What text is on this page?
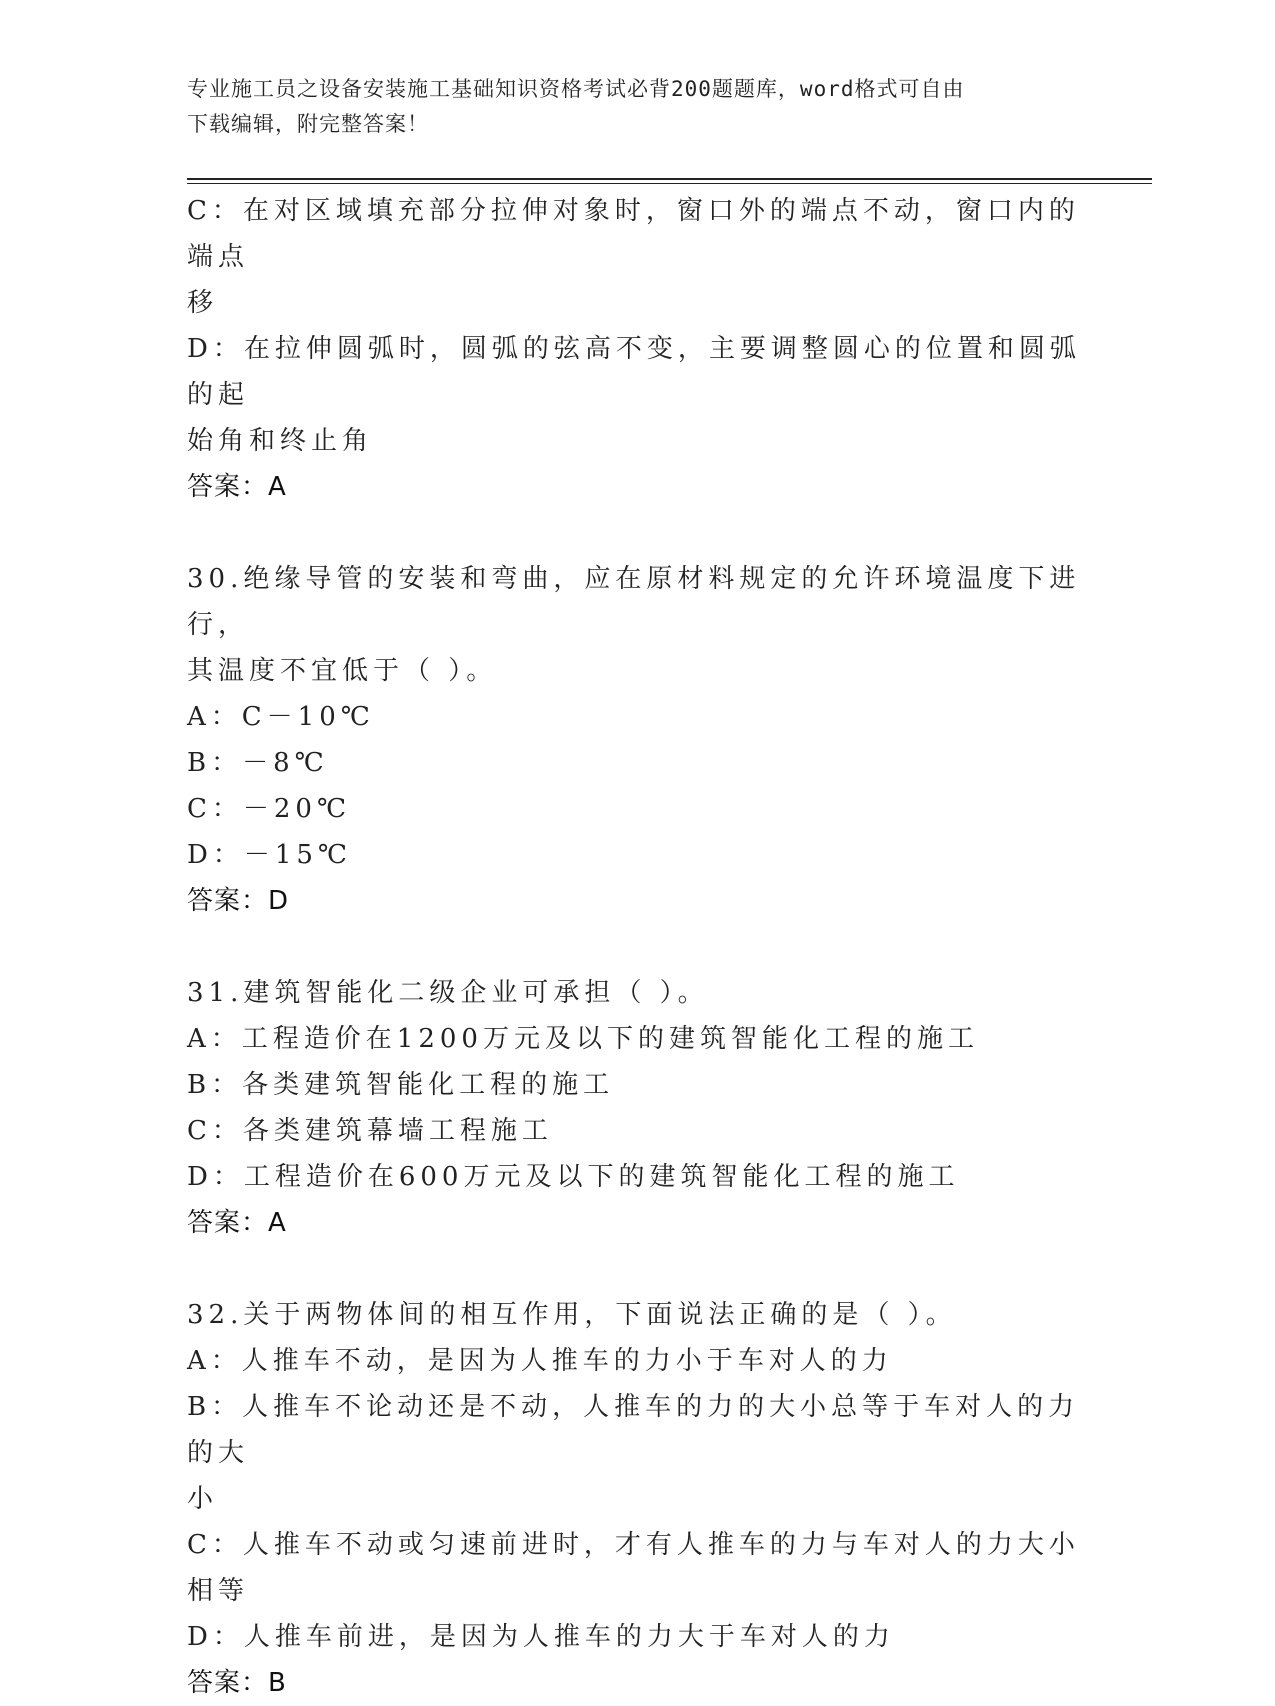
专业施工员之设备安装施工基础知识资格考试必背200题题库，word格式可自由
下载编辑，附完整答案！
C：在对区域填充部分拉伸对象时，窗口外的端点不动，窗口内的端点
移
D：在拉伸圆弧时，圆弧的弦高不变，主要调整圆心的位置和圆弧的起
始角和终止角
答案：A
30.绝缘导管的安装和弯曲，应在原材料规定的允许环境温度下进行，
其温度不宜低于（ ）。
A：C－10℃
B：－8℃
C：－20℃
D：－15℃
答案：D
31.建筑智能化二级企业可承担（ ）。
A：工程造价在1200万元及以下的建筑智能化工程的施工
B：各类建筑智能化工程的施工
C：各类建筑幕墙工程施工
D：工程造价在600万元及以下的建筑智能化工程的施工
答案：A
32.关于两物体间的相互作用，下面说法正确的是（ ）。
A：人推车不动，是因为人推车的力小于车对人的力
B：人推车不论动还是不动，人推车的力的大小总等于车对人的力的大
小
C：人推车不动或匀速前进时，才有人推车的力与车对人的力大小相等
D：人推车前进，是因为人推车的力大于车对人的力
答案：B
